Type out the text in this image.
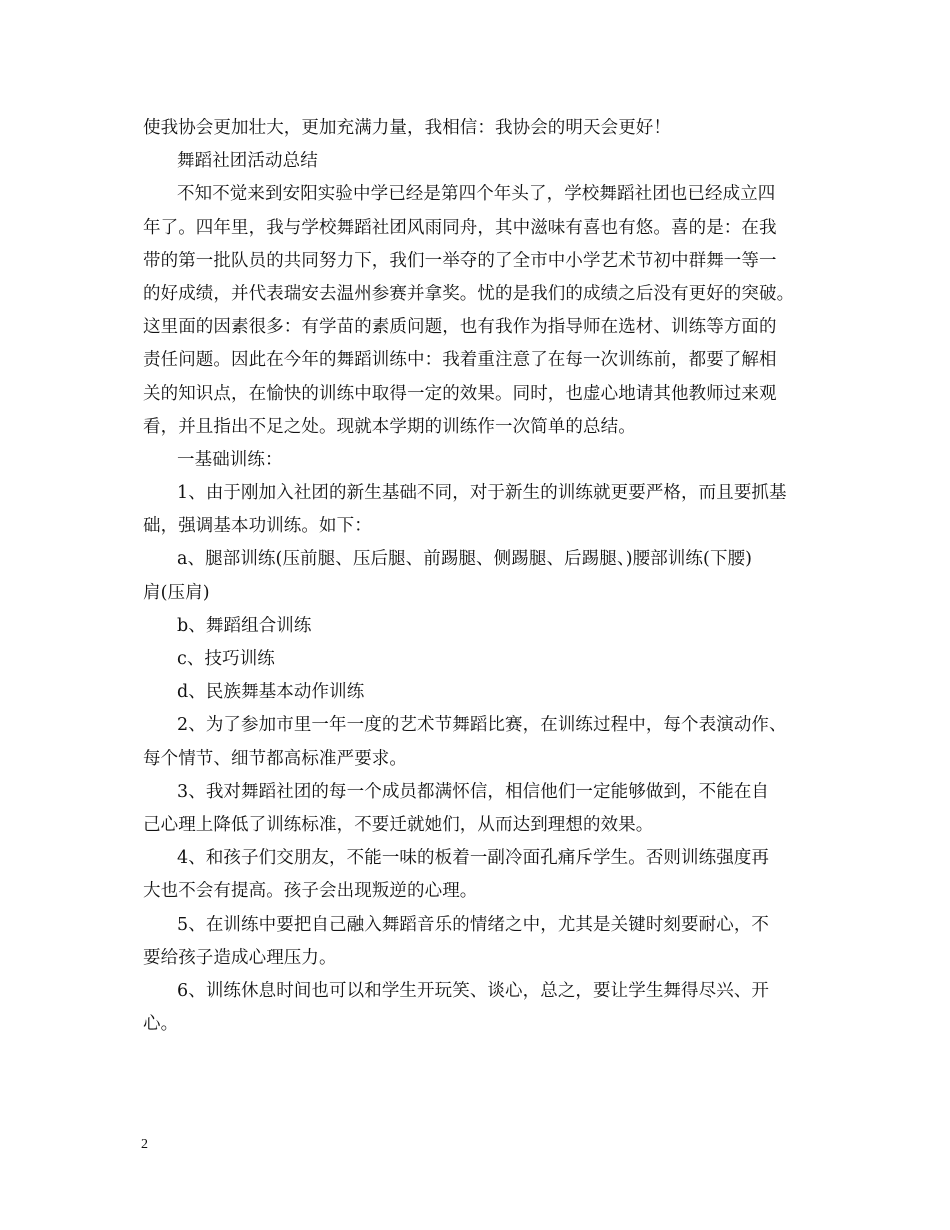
使我协会更加壮大，更加充满力量，我相信：我协会的明天会更好！
舞蹈社团活动总结
不知不觉来到安阳实验中学已经是第四个年头了，学校舞蹈社团也已经成立四
年了。四年里，我与学校舞蹈社团风雨同舟，其中滋味有喜也有悠。喜的是：在我
带的第一批队员的共同努力下，我们一举夺的了全市中小学艺术节初中群舞一等一
的好成绩，并代表瑞安去温州参赛并拿奖。忧的是我们的成绩之后没有更好的突破。
这里面的因素很多：有学苗的素质问题，也有我作为指导师在选材、训练等方面的
责任问题。因此在今年的舞蹈训练中：我着重注意了在每一次训练前，都要了解相
关的知识点，在愉快的训练中取得一定的效果。同时，也虚心地请其他教师过来观
看，并且指出不足之处。现就本学期的训练作一次简单的总结。
一基础训练：
1、由于刚加入社团的新生基础不同，对于新生的训练就更要严格，而且要抓基
础，强调基本功训练。如下：
a、腿部训练(压前腿、压后腿、前踢腿、侧踢腿、后踢腿、)腰部训练(下腰)
肩(压肩)
b、舞蹈组合训练
c、技巧训练
d、民族舞基本动作训练
2、为了参加市里一年一度的艺术节舞蹈比赛，在训练过程中，每个表演动作、
每个情节、细节都高标准严要求。
3、我对舞蹈社团的每一个成员都满怀信，相信他们一定能够做到，不能在自
己心理上降低了训练标准，不要迁就她们，从而达到理想的效果。
4、和孩子们交朋友，不能一味的板着一副冷面孔痛斥学生。否则训练强度再
大也不会有提高。孩子会出现叛逆的心理。
5、在训练中要把自己融入舞蹈音乐的情绪之中，尤其是关键时刻要耐心，不
要给孩子造成心理压力。
6、训练休息时间也可以和学生开玩笑、谈心，总之，要让学生舞得尽兴、开
心。
2
